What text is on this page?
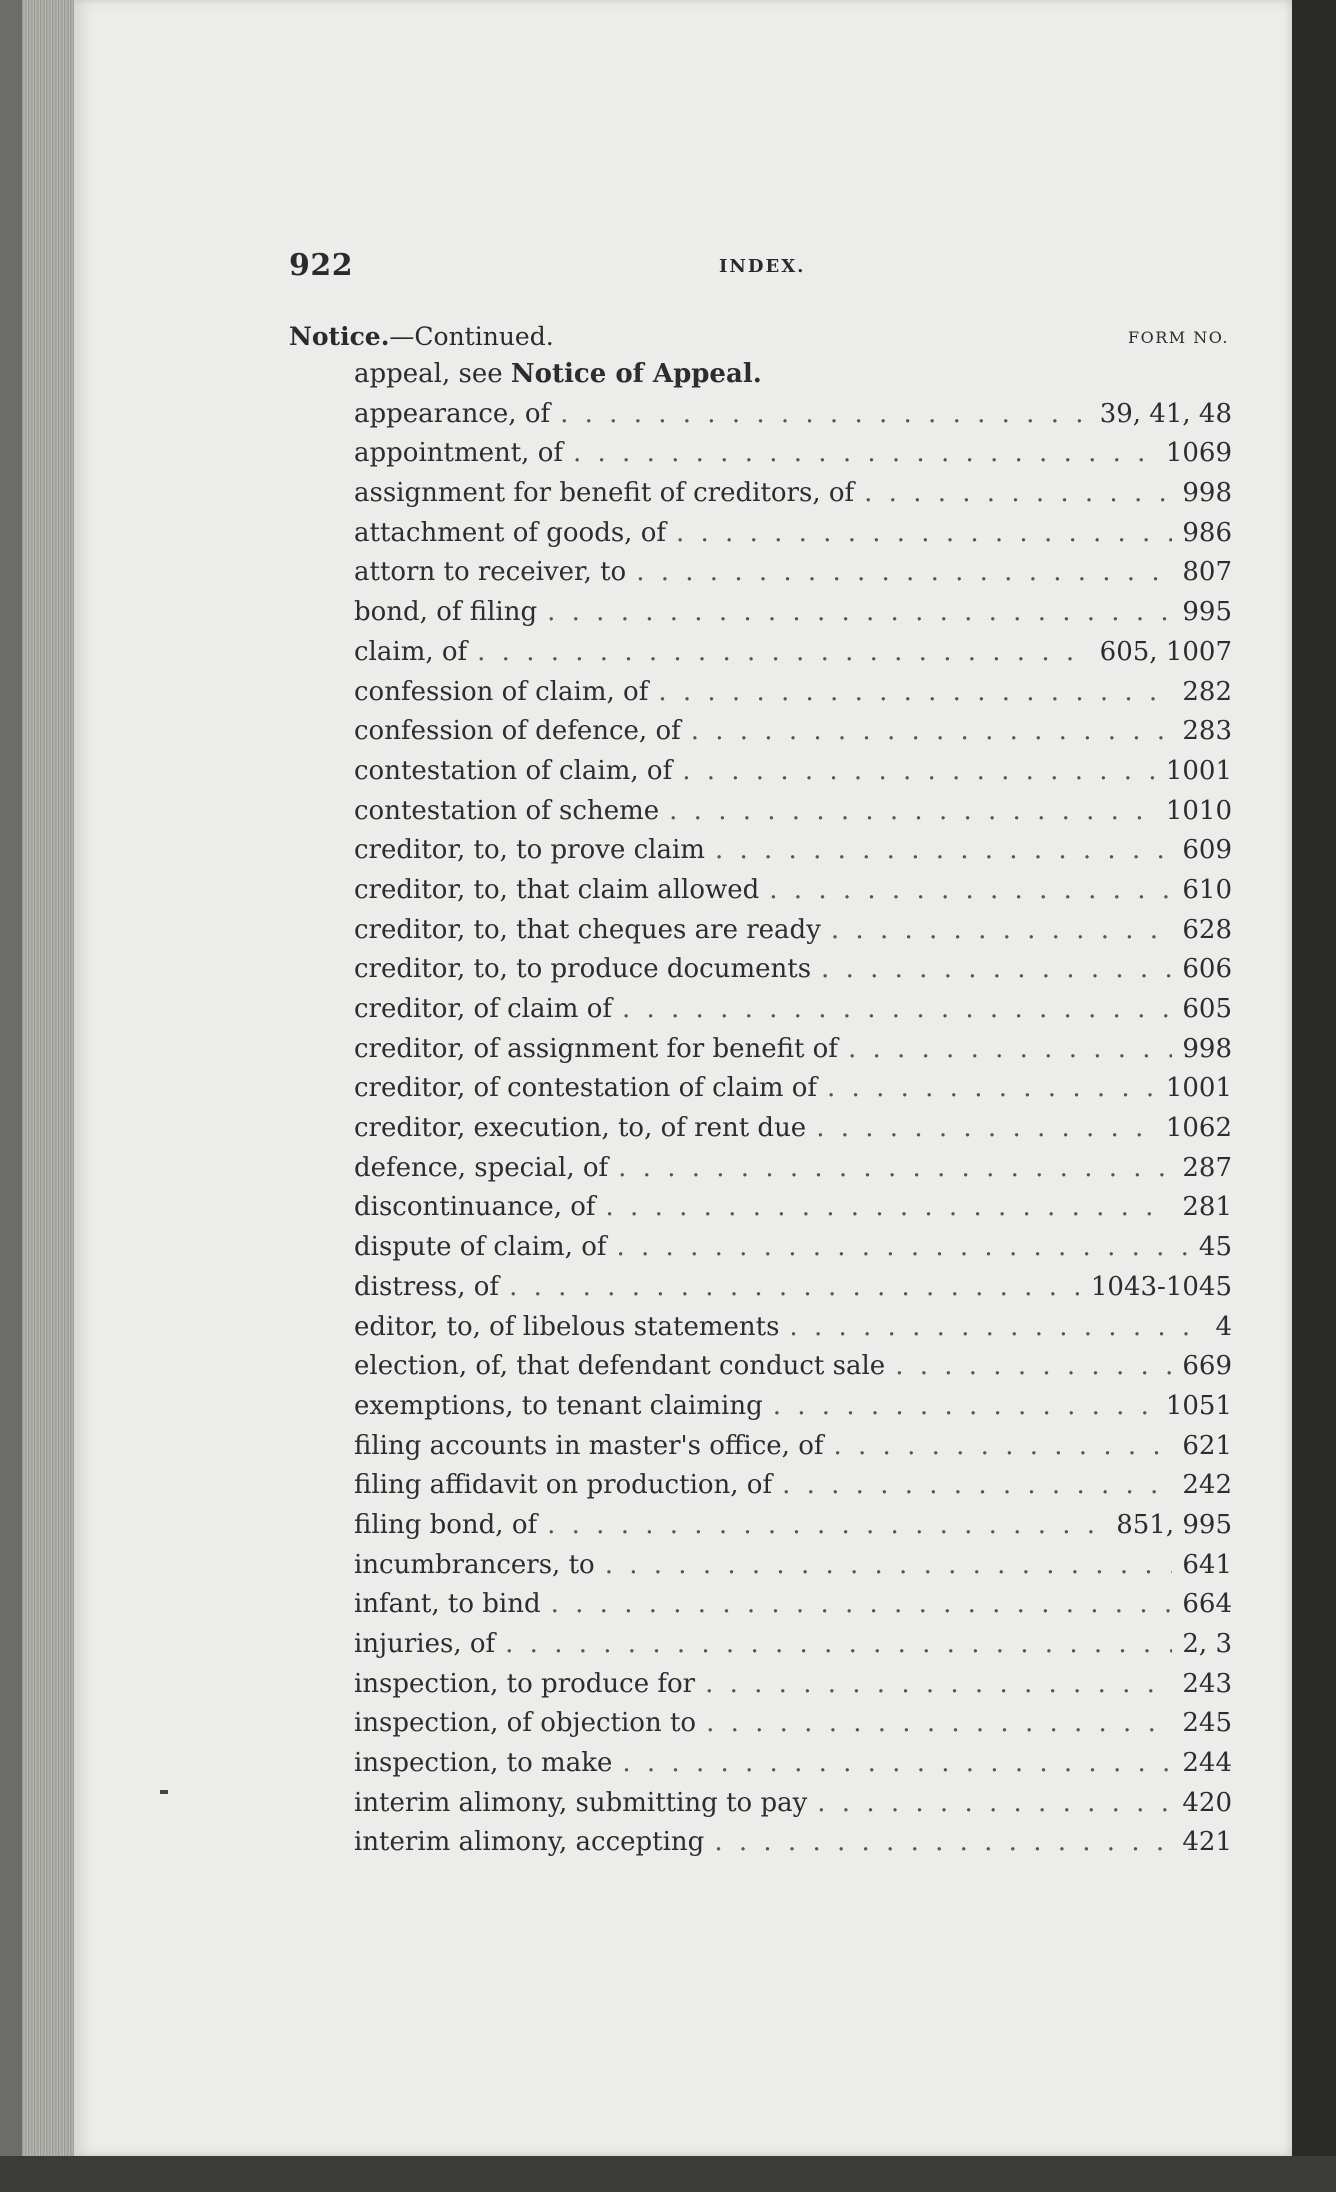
922	INDEX.
Notice.—Continued.	FORM NO.
appeal, see Notice of Appeal.
appearance, of . . .	39, 41, 48
appointment, of . . .	1069
assignment for benefit of creditors, of . . .	998
attachment of goods, of . . .	986
attorn to receiver, to . . .	807
bond, of filing . . .	995
claim, of . . .	605, 1007
confession of claim, of . . .	282
confession of defence, of . . .	283
contestation of claim, of . . .	1001
contestation of scheme . . .	1010
creditor, to, to prove claim . . .	609
creditor, to, that claim allowed . . .	610
creditor, to, that cheques are ready . . .	628
creditor, to, to produce documents . . .	606
creditor, of claim of . . .	605
creditor, of assignment for benefit of . . .	998
creditor, of contestation of claim of . . .	1001
creditor, execution, to, of rent due . . .	1062
defence, special, of . . .	287
discontinuance, of . . .	281
dispute of claim, of . . .	45
distress, of . . .	1043-1045
editor, to, of libelous statements . . .	4
election, of, that defendant conduct sale . . .	669
exemptions, to tenant claiming . . .	1051
filing accounts in master's office, of . . .	621
filing affidavit on production, of . . .	242
filing bond, of . . .	851, 995
incumbrancers, to . . .	641
infant, to bind . . .	664
injuries, of . . .	2, 3
inspection, to produce for . . .	243
inspection, of objection to . . .	245
inspection, to make . . .	244
interim alimony, submitting to pay . . .	420
interim alimony, accepting . . .	421
